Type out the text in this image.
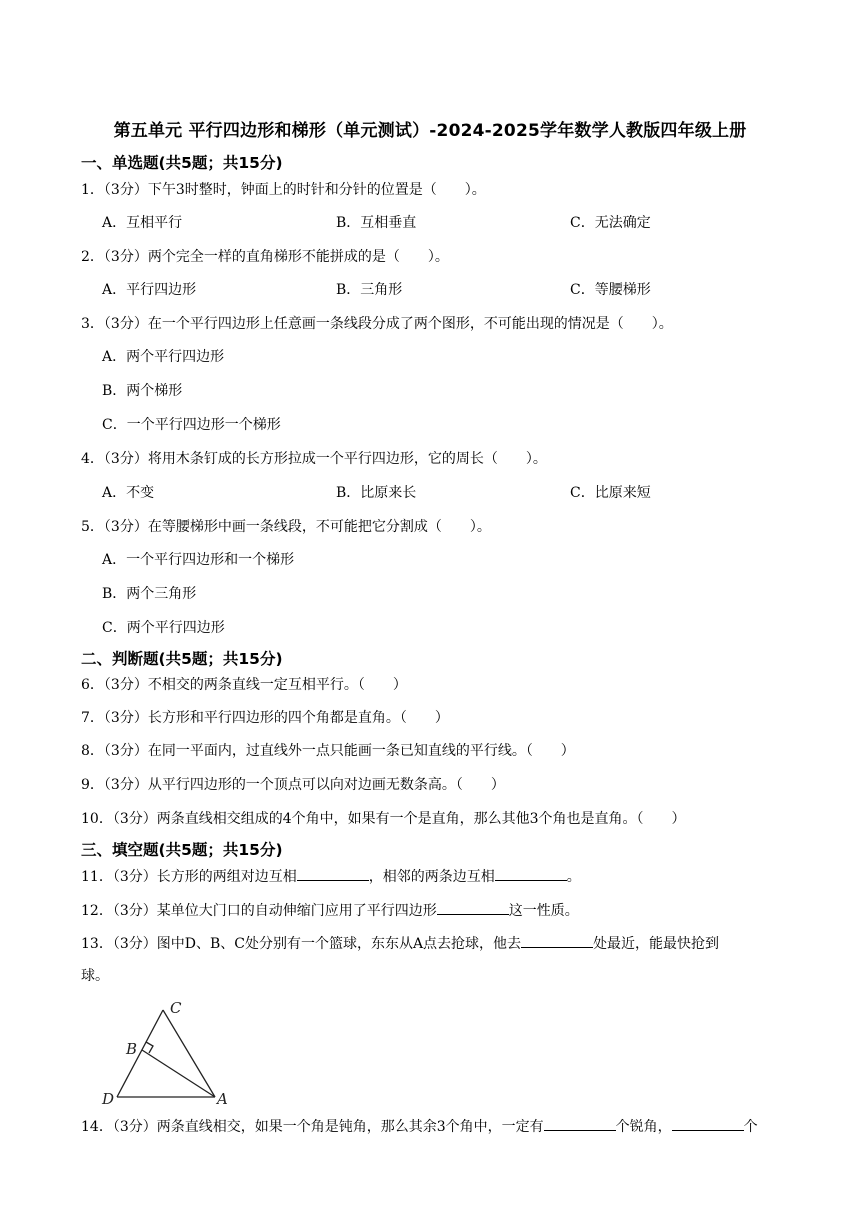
第五单元 平行四边形和梯形（单元测试）-2024-2025学年数学人教版四年级上册
一、单选题(共5题；共15分)
1．（3分）下午3时整时，钟面上的时针和分针的位置是（　　）。
A．互相平行	B．互相垂直	C．无法确定
2．（3分）两个完全一样的直角梯形不能拼成的是（　　）。
A．平行四边形	B．三角形	C．等腰梯形
3．（3分）在一个平行四边形上任意画一条线段分成了两个图形，不可能出现的情况是（　　）。
A．两个平行四边形
B．两个梯形
C．一个平行四边形一个梯形
4．（3分）将用木条钉成的长方形拉成一个平行四边形，它的周长（　　）。
A．不变	B．比原来长	C．比原来短
5．（3分）在等腰梯形中画一条线段，不可能把它分割成（　　）。
A．一个平行四边形和一个梯形
B．两个三角形
C．两个平行四边形
二、判断题(共5题；共15分)
6．（3分）不相交的两条直线一定互相平行。（　　）
7．（3分）长方形和平行四边形的四个角都是直角。（　　）
8．（3分）在同一平面内，过直线外一点只能画一条已知直线的平行线。（　　）
9．（3分）从平行四边形的一个顶点可以向对边画无数条高。（　　）
10．（3分）两条直线相交组成的4个角中，如果有一个是直角，那么其他3个角也是直角。（　　）
三、填空题(共5题；共15分)
11．（3分）长方形的两组对边互相	，相邻的两条边互相	。
12．（3分）某单位大门口的自动伸缩门应用了平行四边形	这一性质。
13．（3分）图中D、B、C处分别有一个篮球，东东从A点去抢球，他去	处最近，能最快抢到
球。
C
B
D	A
14．（3分）两条直线相交，如果一个角是钝角，那么其余3个角中，一定有	个锐角，	个
